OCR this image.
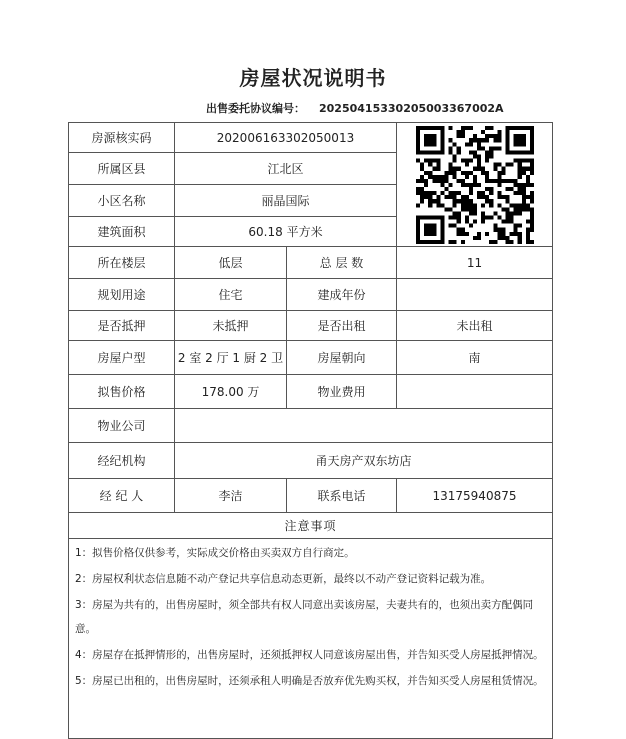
房屋状况说明书
出售委托协议编号： 20250415330205003367002A
房源核实码	202006163302050013	

所属区县	江北区		
小区名称	丽晶国际		
建筑面积	60.18 平方米		
所在楼层	低层	总 层 数	11
规划用途	住宅	建成年份	
是否抵押	未抵押	是否出租	未出租
房屋户型	2 室 2 厅 1 厨 2 卫	房屋朝向	南
拟售价格	178.00 万	物业费用	
物业公司			
经纪机构	甬天房产双东坊店		
经 纪 人	李洁	联系电话	13175940875
注意事项			

1：拟售价格仅供参考，实际成交价格由买卖双方自行商定。
2：房屋权利状态信息随不动产登记共享信息动态更新，最终以不动产登记资料记载为准。
3：房屋为共有的，出售房屋时，须全部共有权人同意出卖该房屋，夫妻共有的，也须出卖方配偶同意。
4：房屋存在抵押情形的，出售房屋时，还须抵押权人同意该房屋出售，并告知买受人房屋抵押情况。
5：房屋已出租的，出售房屋时，还须承租人明确是否放弃优先购买权，并告知买受人房屋租赁情况。			
